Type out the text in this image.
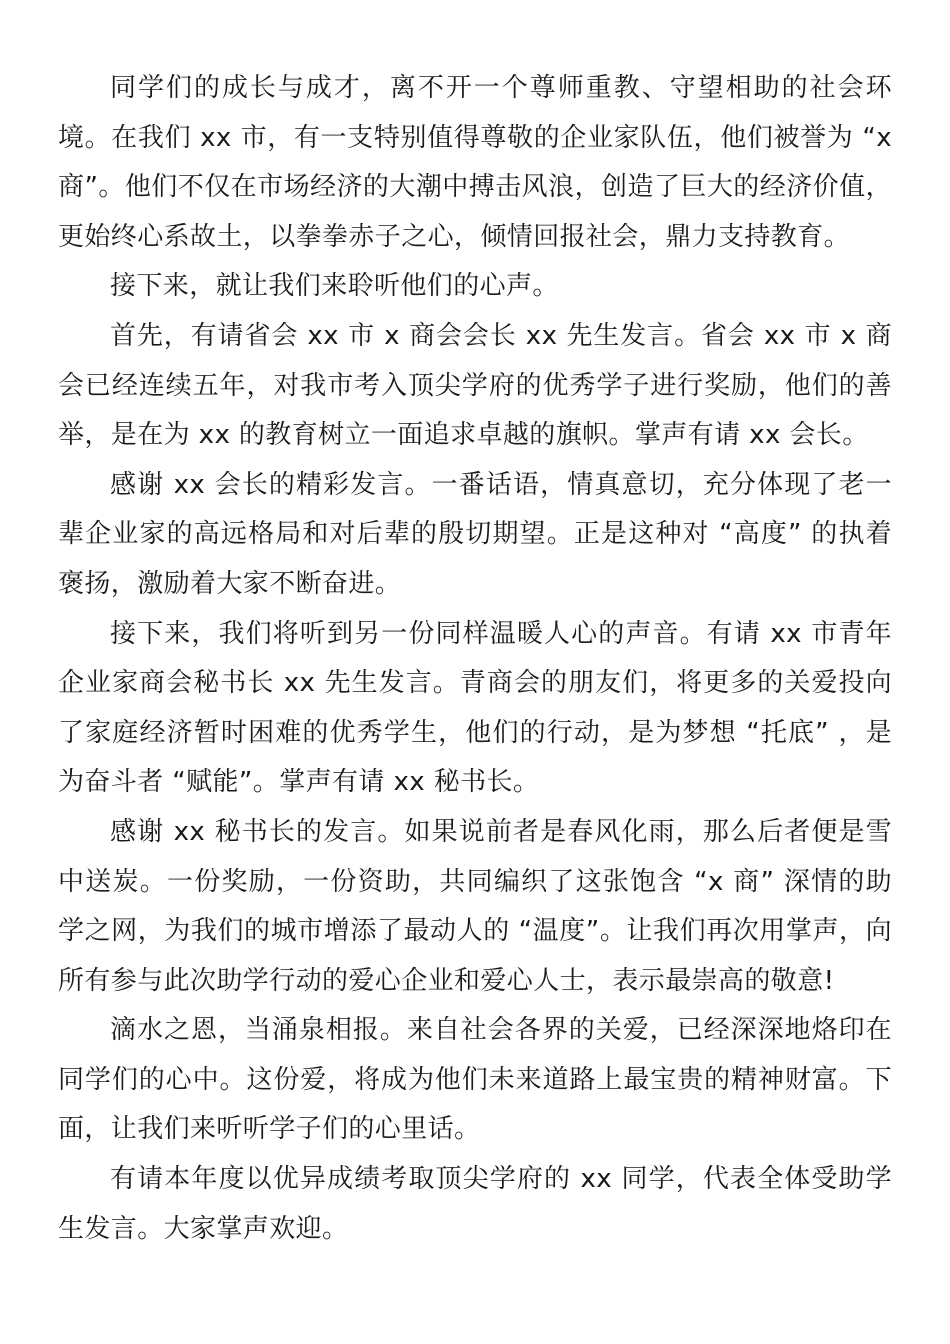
同学们的成长与成才，离不开一个尊师重教、守望相助的社会环境。在我们 xx 市，有一支特别值得尊敬的企业家队伍，他们被誉为 “x 商”。他们不仅在市场经济的大潮中搏击风浪，创造了巨大的经济价值，更始终心系故土，以拳拳赤子之心，倾情回报社会，鼎力支持教育。

接下来，就让我们来聆听他们的心声。

首先，有请省会 xx 市 x 商会会长 xx 先生发言。省会 xx 市 x 商会已经连续五年，对我市考入顶尖学府的优秀学子进行奖励，他们的善举，是在为 xx 的教育树立一面追求卓越的旗帜。掌声有请 xx 会长。

感谢 xx 会长的精彩发言。一番话语，情真意切，充分体现了老一辈企业家的高远格局和对后辈的殷切期望。正是这种对 “高度” 的执着褒扬，激励着大家不断奋进。

接下来，我们将听到另一份同样温暖人心的声音。有请 xx 市青年企业家商会秘书长 xx 先生发言。青商会的朋友们，将更多的关爱投向了家庭经济暂时困难的优秀学生，他们的行动，是为梦想 “托底” ，是为奋斗者 “赋能”。掌声有请 xx 秘书长。

感谢 xx 秘书长的发言。如果说前者是春风化雨，那么后者便是雪中送炭。一份奖励，一份资助，共同编织了这张饱含 “x 商” 深情的助学之网，为我们的城市增添了最动人的 “温度”。让我们再次用掌声，向所有参与此次助学行动的爱心企业和爱心人士，表示最崇高的敬意!

滴水之恩，当涌泉相报。来自社会各界的关爱，已经深深地烙印在同学们的心中。这份爱，将成为他们未来道路上最宝贵的精神财富。下面，让我们来听听学子们的心里话。

有请本年度以优异成绩考取顶尖学府的 xx 同学，代表全体受助学生发言。大家掌声欢迎。
